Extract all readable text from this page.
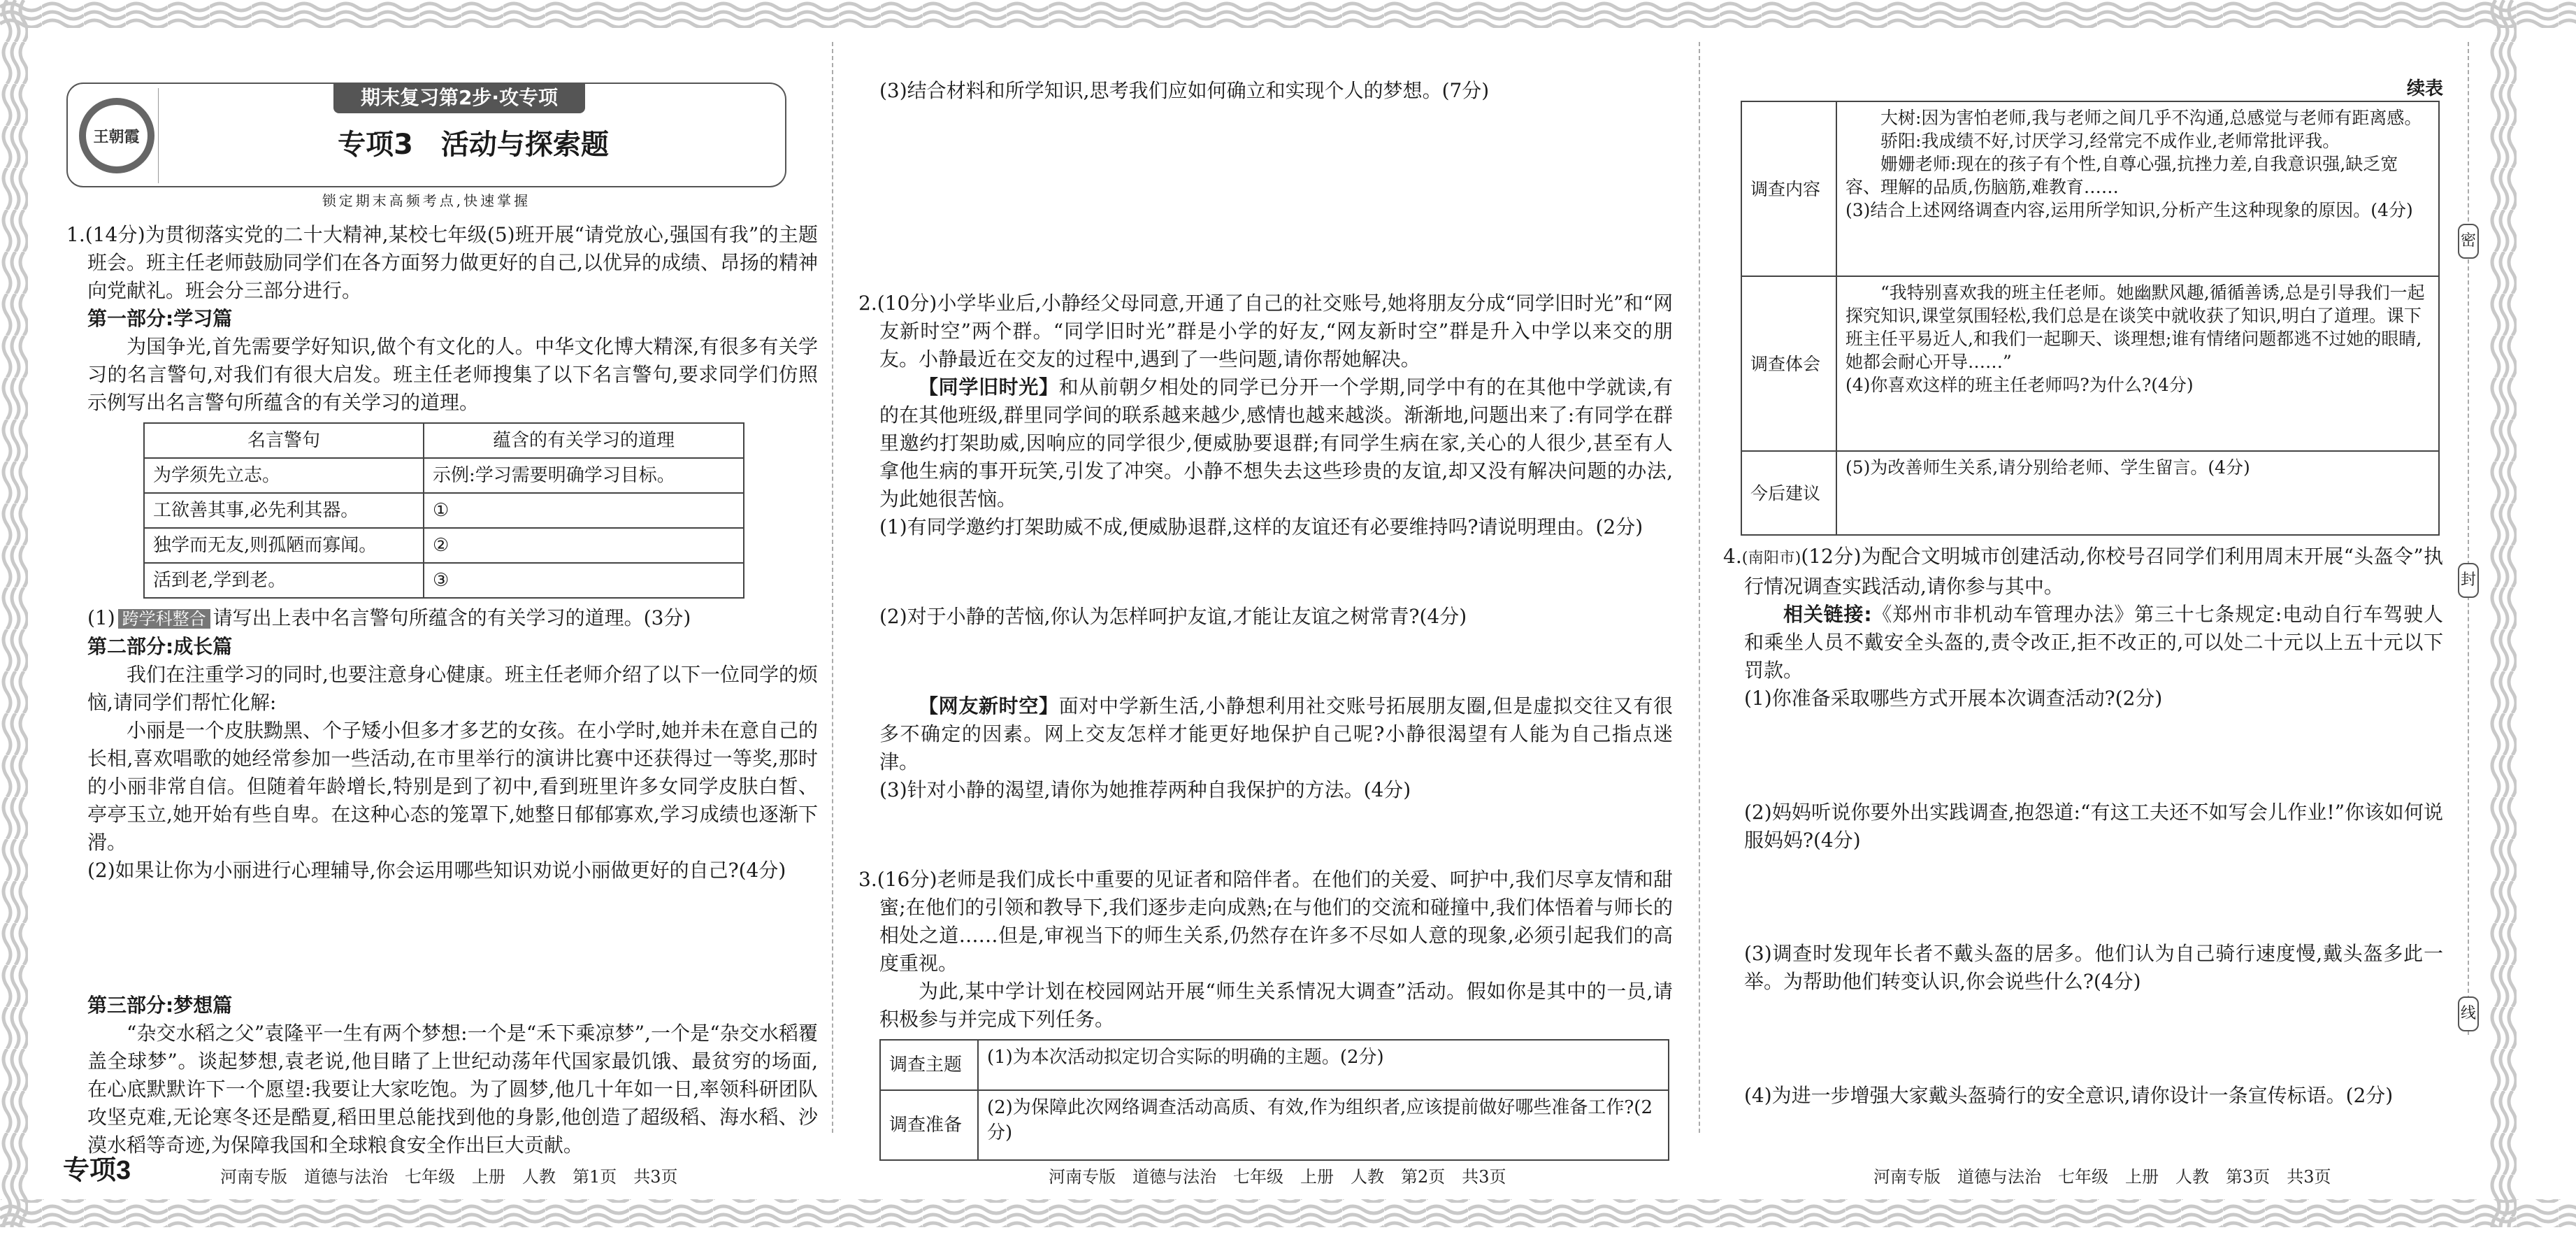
密
封
线
王朝霞
期末复习第2步·攻专项
专项3　活动与探索题
锁定期末高频考点,快速掌握
1.(14分)为贯彻落实党的二十大精神,某校七年级(5)班开展“请党放心,强国有我”的主题班会。班主任老师鼓励同学们在各方面努力做更好的自己,以优异的成绩、昂扬的精神向党献礼。班会分三部分进行。
第一部分:学习篇
为国争光,首先需要学好知识,做个有文化的人。中华文化博大精深,有很多有关学习的名言警句,对我们有很大启发。班主任老师搜集了以下名言警句,要求同学们仿照示例写出名言警句所蕴含的有关学习的道理。
名言警句	蕴含的有关学习的道理
为学须先立志。	示例:学习需要明确学习目标。
工欲善其事,必先利其器。	①
独学而无友,则孤陋而寡闻。	②
活到老,学到老。	③
(1) 跨学科整合 请写出上表中名言警句所蕴含的有关学习的道理。(3分)
第二部分:成长篇
我们在注重学习的同时,也要注意身心健康。班主任老师介绍了以下一位同学的烦恼,请同学们帮忙化解:
小丽是一个皮肤黝黑、个子矮小但多才多艺的女孩。在小学时,她并未在意自己的长相,喜欢唱歌的她经常参加一些活动,在市里举行的演讲比赛中还获得过一等奖,那时的小丽非常自信。但随着年龄增长,特别是到了初中,看到班里许多女同学皮肤白皙、亭亭玉立,她开始有些自卑。在这种心态的笼罩下,她整日郁郁寡欢,学习成绩也逐渐下滑。
(2)如果让你为小丽进行心理辅导,你会运用哪些知识劝说小丽做更好的自己?(4分)
第三部分:梦想篇
“杂交水稻之父”袁隆平一生有两个梦想:一个是“禾下乘凉梦”,一个是“杂交水稻覆盖全球梦”。谈起梦想,袁老说,他目睹了上世纪动荡年代国家最饥饿、最贫穷的场面,在心底默默许下一个愿望:我要让大家吃饱。为了圆梦,他几十年如一日,率领科研团队攻坚克难,无论寒冬还是酷夏,稻田里总能找到他的身影,他创造了超级稻、海水稻、沙漠水稻等奇迹,为保障我国和全球粮食安全作出巨大贡献。
专项3	河南专版　道德与法治　七年级　上册　人教　第1页　共3页
(3)结合材料和所学知识,思考我们应如何确立和实现个人的梦想。(7分)
2.(10分)小学毕业后,小静经父母同意,开通了自己的社交账号,她将朋友分成“同学旧时光”和“网友新时空”两个群。“同学旧时光”群是小学的好友,“网友新时空”群是升入中学以来交的朋友。小静最近在交友的过程中,遇到了一些问题,请你帮她解决。
【同学旧时光】和从前朝夕相处的同学已分开一个学期,同学中有的在其他中学就读,有的在其他班级,群里同学间的联系越来越少,感情也越来越淡。渐渐地,问题出来了:有同学在群里邀约打架助威,因响应的同学很少,便威胁要退群;有同学生病在家,关心的人很少,甚至有人拿他生病的事开玩笑,引发了冲突。小静不想失去这些珍贵的友谊,却又没有解决问题的办法,为此她很苦恼。
(1)有同学邀约打架助威不成,便威胁退群,这样的友谊还有必要维持吗?请说明理由。(2分)
(2)对于小静的苦恼,你认为怎样呵护友谊,才能让友谊之树常青?(4分)
【网友新时空】面对中学新生活,小静想利用社交账号拓展朋友圈,但是虚拟交往又有很多不确定的因素。网上交友怎样才能更好地保护自己呢?小静很渴望有人能为自己指点迷津。
(3)针对小静的渴望,请你为她推荐两种自我保护的方法。(4分)
3.(16分)老师是我们成长中重要的见证者和陪伴者。在他们的关爱、呵护中,我们尽享友情和甜蜜;在他们的引领和教导下,我们逐步走向成熟;在与他们的交流和碰撞中,我们体悟着与师长的相处之道……但是,审视当下的师生关系,仍然存在许多不尽如人意的现象,必须引起我们的高度重视。
为此,某中学计划在校园网站开展“师生关系情况大调查”活动。假如你是其中的一员,请积极参与并完成下列任务。
调查主题	(1)为本次活动拟定切合实际的明确的主题。(2分)
调查准备	(2)为保障此次网络调查活动高质、有效,作为组织者,应该提前做好哪些准备工作?(2分)
河南专版　道德与法治　七年级　上册　人教　第2页　共3页
续表
调查内容	大树:因为害怕老师,我与老师之间几乎不沟通,总感觉与老师有距离感。
骄阳:我成绩不好,讨厌学习,经常完不成作业,老师常批评我。
姗姗老师:现在的孩子有个性,自尊心强,抗挫力差,自我意识强,缺乏宽容、理解的品质,伤脑筋,难教育……
(3)结合上述网络调查内容,运用所学知识,分析产生这种现象的原因。(4分)

调查体会	“我特别喜欢我的班主任老师。她幽默风趣,循循善诱,总是引导我们一起探究知识,课堂氛围轻松,我们总是在谈笑中就收获了知识,明白了道理。课下班主任平易近人,和我们一起聊天、谈理想;谁有情绪问题都逃不过她的眼睛,她都会耐心开导……”
(4)你喜欢这样的班主任老师吗?为什么?(4分)

今后建议	(5)为改善师生关系,请分别给老师、学生留言。(4分)
4.(南阳市)(12分)为配合文明城市创建活动,你校号召同学们利用周末开展“头盔令”执行情况调查实践活动,请你参与其中。
相关链接:《郑州市非机动车管理办法》第三十七条规定:电动自行车驾驶人和乘坐人员不戴安全头盔的,责令改正,拒不改正的,可以处二十元以上五十元以下罚款。
(1)你准备采取哪些方式开展本次调查活动?(2分)
(2)妈妈听说你要外出实践调查,抱怨道:“有这工夫还不如写会儿作业!”你该如何说服妈妈?(4分)
(3)调查时发现年长者不戴头盔的居多。他们认为自己骑行速度慢,戴头盔多此一举。为帮助他们转变认识,你会说些什么?(4分)
(4)为进一步增强大家戴头盔骑行的安全意识,请你设计一条宣传标语。(2分)
河南专版　道德与法治　七年级　上册　人教　第3页　共3页
